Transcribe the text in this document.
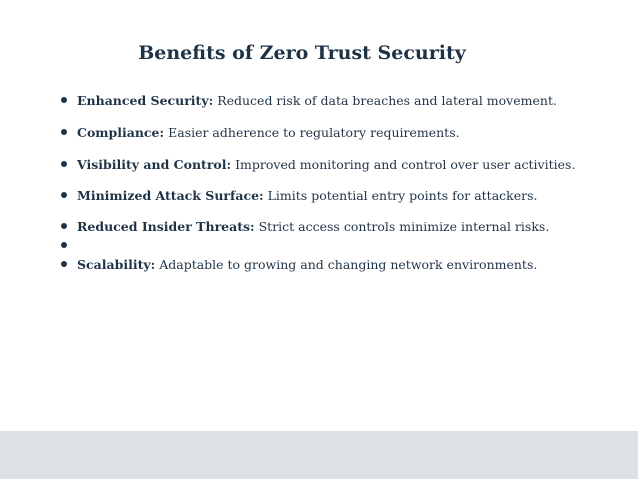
Benefits of Zero Trust Security
Enhanced Security: Reduced risk of data breaches and lateral movement.
Compliance: Easier adherence to regulatory requirements.
Visibility and Control: Improved monitoring and control over user activities.
Minimized Attack Surface: Limits potential entry points for attackers.
Reduced Insider Threats: Strict access controls minimize internal risks.
Scalability: Adaptable to growing and changing network environments.
